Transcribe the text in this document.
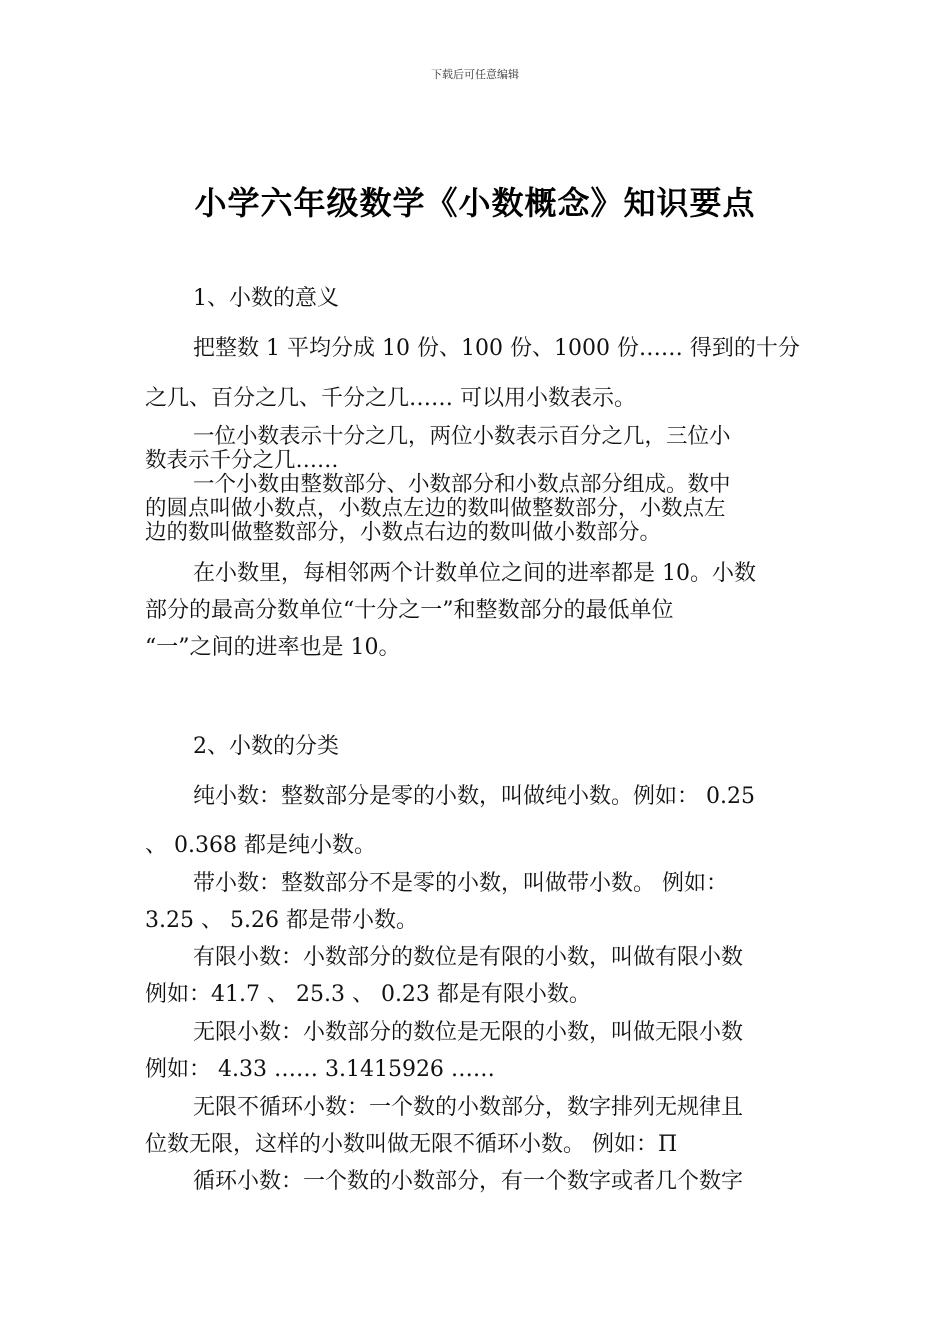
下载后可任意编辑
小学六年级数学《小数概念》知识要点
1、小数的意义
把整数 1 平均分成 10 份、100 份、1000 份…… 得到的十分
之几、百分之几、千分之几…… 可以用小数表示。
一位小数表示十分之几，两位小数表示百分之几，三位小
数表示千分之几……
一个小数由整数部分、小数部分和小数点部分组成。数中
的圆点叫做小数点，小数点左边的数叫做整数部分，小数点左
边的数叫做整数部分，小数点右边的数叫做小数部分。
在小数里，每相邻两个计数单位之间的进率都是 10。小数
部分的最高分数单位“十分之一”和整数部分的最低单位
“一”之间的进率也是 10。
2、小数的分类
纯小数：整数部分是零的小数，叫做纯小数。例如： 0.25
、 0.368 都是纯小数。
带小数：整数部分不是零的小数，叫做带小数。 例如：
3.25 、 5.26 都是带小数。
有限小数：小数部分的数位是有限的小数，叫做有限小数
例如：41.7 、 25.3 、 0.23 都是有限小数。
无限小数：小数部分的数位是无限的小数，叫做无限小数
例如： 4.33 …… 3.1415926 ……
无限不循环小数：一个数的小数部分，数字排列无规律且
位数无限，这样的小数叫做无限不循环小数。 例如：Π
循环小数：一个数的小数部分，有一个数字或者几个数字
